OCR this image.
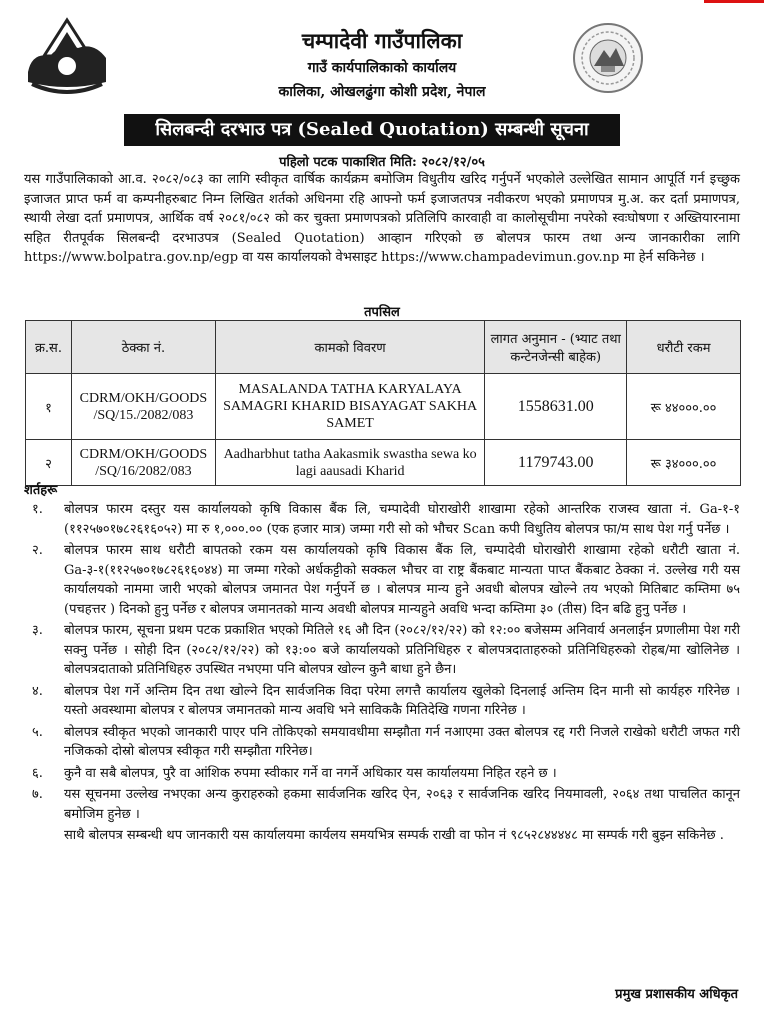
चम्पादेवी गाउँपालिका
गाउँ कार्यपालिकाको कार्यालय
कालिका, ओखलढुंगा कोशी प्रदेश, नेपाल
सिलबन्दी दरभाउ पत्र (Sealed Quotation) सम्बन्धी सूचना
पहिलो पटक पाकाशित मिति: २०८२/१२/०५
यस गाउँपालिकाको आ.व. २०८२/०८३ का लागि स्वीकृत वार्षिक कार्यक्रम बमोजिम विधुतीय खरिद गर्नुपर्ने भएकोले उल्लेखित सामान आपूर्ति गर्न इच्छुक इजाजत प्राप्त फर्म वा कम्पनीहरुबाट निम्न लिखित शर्तको अधिनमा रहि आफ्नो फर्म इजाजतपत्र नवीकरण भएको प्रमाणपत्र मु.अ. कर दर्ता प्रमाणपत्र, स्थायी लेखा दर्ता प्रमाणपत्र, आर्थिक वर्ष २०८१/०८२ को कर चुक्ता प्रमाणपत्रको प्रतिलिपि कारवाही वा कालोसूचीमा नपरेको स्वःघोषणा र अख्तियारनामा सहित रीतपूर्वक सिलबन्दी दरभाउपत्र (Sealed Quotation) आव्हान गरिएको छ बोलपत्र फारम तथा अन्य जानकारीका लागि https://www.bolpatra.gov.np/egp वा यस कार्यालयको वेभसाइट https://www.champadevimun.gov.np मा हेर्न सकिनेछ ।
तपसिल
क्र.स.	ठेक्का नं.	कामको विवरण	लागत अनुमान - (भ्याट तथा कन्टेनजेन्सी बाहेक)	धरौटी रकम
१	CDRM/OKH/GOODS /SQ/15./2082/083	MASALANDA TATHA KARYALAYA SAMAGRI KHARID BISAYAGAT SAKHA SAMET	1558631.00	रू ४४०००.००
२	CDRM/OKH/GOODS /SQ/16/2082/083	Aadharbhut tatha Aakasmik swastha sewa ko lagi aausadi Kharid	1179743.00	रू ३४०००.००
शर्तहरू
१.	बोलपत्र फारम दस्तुर यस कार्यालयको कृषि विकास बैंक लि, चम्पादेवी घोराखोरी शाखामा रहेको आन्तरिक राजस्व खाता नं. Ga-१-१ (११२५७०१७८२६१६०५२) मा रु १,०००.०० (एक हजार मात्र) जम्मा गरी सो को भौचर Scan कपी विधुतिय बोलपत्र फा/म साथ पेश गर्नु पर्नेछ ।
२.	बोलपत्र फारम साथ धरौटी बापतको रकम यस कार्यालयको कृषि विकास बैंक लि, चम्पादेवी घोराखोरी शाखामा रहेको धरौटी खाता नं. Ga-३-१(११२५७०१७८२६१६०४४) मा जम्मा गरेको अर्धकट्टीको सक्कल भौचर वा राष्ट्र बैंकबाट मान्यता पाप्त बैंकबाट ठेक्का नं. उल्लेख गरी यस कार्यालयको नाममा जारी भएको बोलपत्र जमानत पेश गर्नुपर्ने छ । बोलपत्र मान्य हुने अवधी बोलपत्र खोल्ने तय भएको मितिबाट कम्तिमा ७५ (पचहत्तर ) दिनको हुनु पर्नेछ र बोलपत्र जमानतको मान्य अवधी बोलपत्र मान्यहुने अवधि भन्दा कम्तिमा ३० (तीस) दिन बढि हुनु पर्नेछ ।
३.	बोलपत्र फारम, सूचना प्रथम पटक प्रकाशित भएको मितिले १६ औ दिन (२०८२/१२/२२) को १२:०० बजेसम्म अनिवार्य अनलाईन प्रणालीमा पेश गरी सक्नु पर्नेछ । सोही दिन (२०८२/१२/२२) को १३:०० बजे कार्यालयको प्रतिनिधिहरु र बोलपत्रदाताहरुको प्रतिनिधिहरुको रोहब/मा खोलिनेछ । बोलपत्रदाताको प्रतिनिधिहरु उपस्थित नभएमा पनि बोलपत्र खोल्न कुनै बाधा हुने छैन।
४.	बोलपत्र पेश गर्ने अन्तिम दिन तथा खोल्ने दिन सार्वजनिक विदा परेमा लगत्तै कार्यालय खुलेको दिनलाई अन्तिम दिन मानी सो कार्यहरु गरिनेछ । यस्तो अवस्थामा बोलपत्र र बोलपत्र जमानतको मान्य अवधि भने साविककै मितिदेखि गणना गरिनेछ ।
५.	बोलपत्र स्वीकृत भएको जानकारी पाएर पनि तोकिएको समयावधीमा सम्झौता गर्न नआएमा उक्त बोलपत्र रद्द गरी निजले राखेको धरौटी जफत गरी नजिकको दोस्रो बोलपत्र स्वीकृत गरी सम्झौता गरिनेछ।
६.	कुनै वा सबै बोलपत्र, पुरै वा आंशिक रुपमा स्वीकार गर्ने वा नगर्ने अधिकार यस कार्यालयमा निहित रहने छ ।
७.	यस सूचनमा उल्लेख नभएका अन्य कुराहरुको हकमा सार्वजनिक खरिद ऐन, २०६३ र सार्वजनिक खरिद नियमावली, २०६४ तथा पाचलित कानून बमोजिम हुनेछ ।
साथै बोलपत्र सम्बन्धी थप जानकारी यस कार्यालयमा कार्यलय समयभित्र सम्पर्क राखी वा फोन नं ९८५२८४४४४८ मा सम्पर्क गरी बुझ्न सकिनेछ .
प्रमुख प्रशासकीय अधिकृत
